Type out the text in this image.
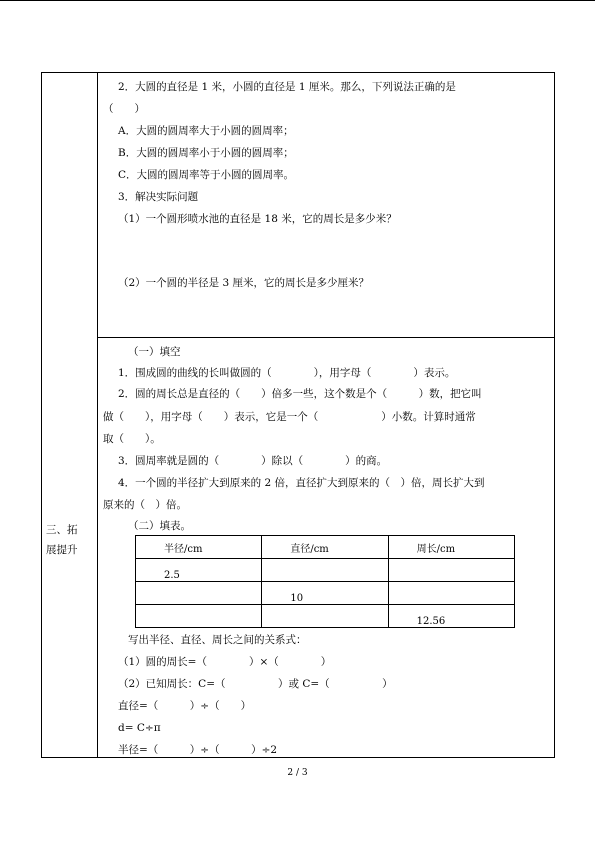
三、拓
展提升
2．大圆的直径是 1 米，小圆的直径是 1 厘米。那么，下列说法正确的是
（　　）
A．大圆的圆周率大于小圆的圆周率；
B．大圆的圆周率小于小圆的圆周率；
C．大圆的圆周率等于小圆的圆周率。
3．解决实际问题
（1）一个圆形喷水池的直径是 18 米，它的周长是多少米？
（2）一个圆的半径是 3 厘米，它的周长是多少厘米？
（一）填空
1．围成圆的曲线的长叫做圆的（　　　　），用字母（　　　　）表示。
2．圆的周长总是直径的（　　）倍多一些，这个数是个（　　　）数，把它叫
做（　　），用字母（　　）表示，它是一个（　　　　　　）小数。计算时通常
取（　　）。
3．圆周率就是圆的（　　　　）除以（　　　　）的商。
4．一个圆的半径扩大到原来的 2 倍，直径扩大到原来的（　）倍，周长扩大到
原来的（　）倍。
（二）填表。
半径/cm	直径/cm	周长/cm
2.5		
	10	
		12.56
写出半径、直径、周长之间的关系式：
（1）圆的周长=（　　　　）×（　　　　）
（2）已知周长：C=（　　　　　）或 C=（　　　　　）
直径=（　　　）÷（　　）
d= C÷π
半径=（　　　）÷（　　　）÷2
2 / 3
